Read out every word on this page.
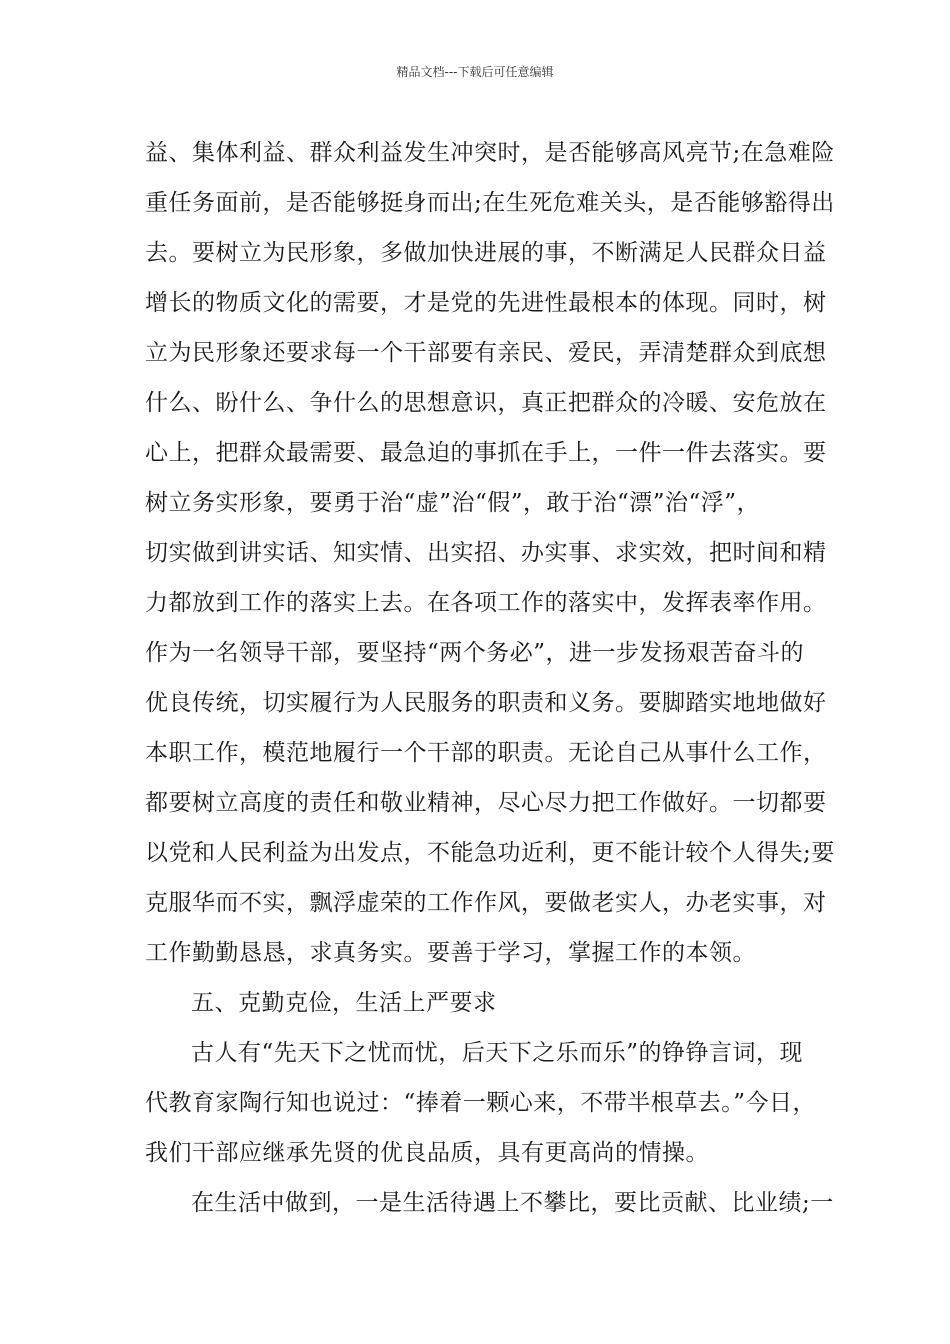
精品文档---下载后可任意编辑
益、集体利益、群众利益发生冲突时，是否能够高风亮节;在急难险
重任务面前，是否能够挺身而出;在生死危难关头，是否能够豁得出
去。要树立为民形象，多做加快进展的事，不断满足人民群众日益
增长的物质文化的需要，才是党的先进性最根本的体现。同时，树
立为民形象还要求每一个干部要有亲民、爱民，弄清楚群众到底想
什么、盼什么、争什么的思想意识，真正把群众的冷暖、安危放在
心上，把群众最需要、最急迫的事抓在手上，一件一件去落实。要
树立务实形象，要勇于治“虚”治“假”，敢于治“漂”治“浮”，
切实做到讲实话、知实情、出实招、办实事、求实效，把时间和精
力都放到工作的落实上去。在各项工作的落实中，发挥表率作用。
作为一名领导干部，要坚持“两个务必”，进一步发扬艰苦奋斗的
优良传统，切实履行为人民服务的职责和义务。要脚踏实地地做好
本职工作，模范地履行一个干部的职责。无论自己从事什么工作，
都要树立高度的责任和敬业精神，尽心尽力把工作做好。一切都要
以党和人民利益为出发点，不能急功近利，更不能计较个人得失;要
克服华而不实，飘浮虚荣的工作作风，要做老实人，办老实事，对
工作勤勤恳恳，求真务实。要善于学习，掌握工作的本领。
五、克勤克俭，生活上严要求
古人有“先天下之忧而忧，后天下之乐而乐”的铮铮言词，现
代教育家陶行知也说过：“捧着一颗心来，不带半根草去。”今日，
我们干部应继承先贤的优良品质，具有更高尚的情操。
在生活中做到，一是生活待遇上不攀比，要比贡献、比业绩;一
